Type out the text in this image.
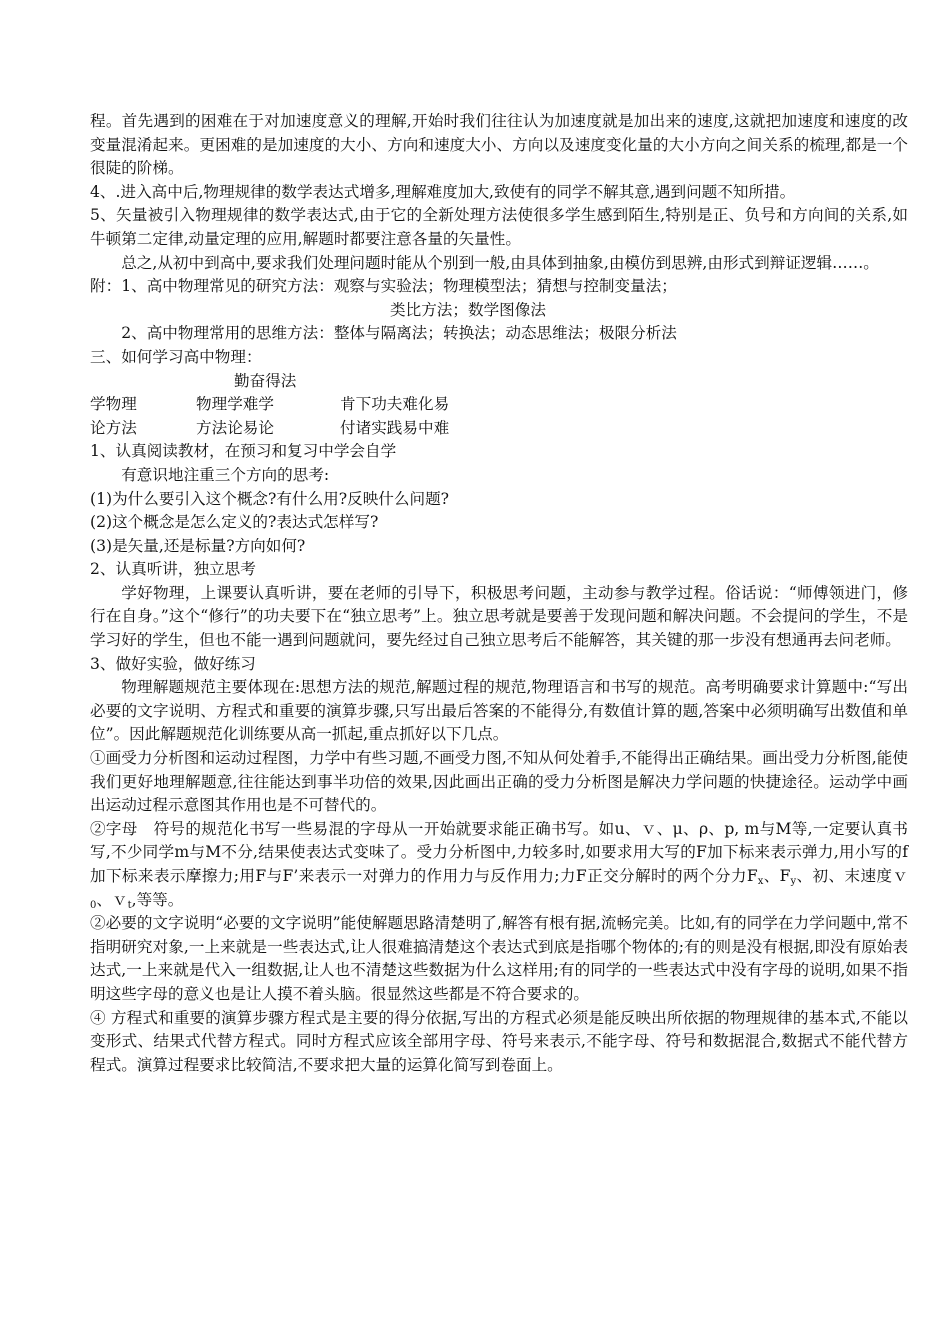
程。首先遇到的困难在于对加速度意义的理解,开始时我们往往认为加速度就是加出来的速度,这就把加速度和速度的改变量混淆起来。更困难的是加速度的大小、方向和速度大小、方向以及速度变化量的大小方向之间关系的梳理,都是一个很陡的阶梯。

4、.进入高中后,物理规律的数学表达式增多,理解难度加大,致使有的同学不解其意,遇到问题不知所措。

5、矢量被引入物理规律的数学表达式,由于它的全新处理方法使很多学生感到陌生,特别是正、负号和方向间的关系,如牛顿第二定律,动量定理的应用,解题时都要注意各量的矢量性。

总之,从初中到高中,要求我们处理问题时能从个别到一般,由具体到抽象,由模仿到思辨,由形式到辩证逻辑……。

附：1、高中物理常见的研究方法：观察与实验法；物理模型法；猜想与控制变量法；

类比方法；数学图像法

2、高中物理常用的思维方法：整体与隔离法；转换法；动态思维法；极限分析法

三、如何学习高中物理：

勤奋得法

学物理	物理学难学	肯下功夫难化易
论方法	方法论易论	付诸实践易中难

1、认真阅读教材，在预习和复习中学会自学

有意识地注重三个方向的思考:

(1)为什么要引入这个概念?有什么用?反映什么问题?

(2)这个概念是怎么定义的?表达式怎样写?

(3)是矢量,还是标量?方向如何?

2、认真听讲，独立思考

学好物理，上课要认真听讲，要在老师的引导下，积极思考问题，主动参与教学过程。俗话说：“师傅领进门，修行在自身。”这个“修行”的功夫要下在“独立思考”上。独立思考就是要善于发现问题和解决问题。不会提问的学生，不是学习好的学生，但也不能一遇到问题就问，要先经过自己独立思考后不能解答，其关键的那一步没有想通再去问老师。

3、做好实验，做好练习

物理解题规范主要体现在:思想方法的规范,解题过程的规范,物理语言和书写的规范。高考明确要求计算题中:“写出必要的文字说明、方程式和重要的演算步骤,只写出最后答案的不能得分,有数值计算的题,答案中必须明确写出数值和单位”。因此解题规范化训练要从高一抓起,重点抓好以下几点。

①画受力分析图和运动过程图，力学中有些习题,不画受力图,不知从何处着手,不能得出正确结果。画出受力分析图,能使我们更好地理解题意,往往能达到事半功倍的效果,因此画出正确的受力分析图是解决力学问题的快捷途径。运动学中画出运动过程示意图其作用也是不可替代的。

②字母　符号的规范化书写一些易混的字母从一开始就要求能正确书写。如u、ｖ、μ、ρ、p, m与M等,一定要认真书写,不少同学m与M不分,结果使表达式变味了。受力分析图中,力较多时,如要求用大写的F加下标来表示弹力,用小写的f加下标来表示摩擦力;用F与F’来表示一对弹力的作用力与反作用力;力F正交分解时的两个分力$F_x$、$F_y$、初、末速度ｖ$_0$、ｖ$_t$,等等。

②必要的文字说明“必要的文字说明”能使解题思路清楚明了,解答有根有据,流畅完美。比如,有的同学在力学问题中,常不指明研究对象,一上来就是一些表达式,让人很难搞清楚这个表达式到底是指哪个物体的;有的则是没有根据,即没有原始表达式,一上来就是代入一组数据,让人也不清楚这些数据为什么这样用;有的同学的一些表达式中没有字母的说明,如果不指明这些字母的意义也是让人摸不着头脑。很显然这些都是不符合要求的。

④ 方程式和重要的演算步骤方程式是主要的得分依据,写出的方程式必须是能反映出所依据的物理规律的基本式,不能以变形式、结果式代替方程式。同时方程式应该全部用字母、符号来表示,不能字母、符号和数据混合,数据式不能代替方程式。演算过程要求比较简洁,不要求把大量的运算化简写到卷面上。
